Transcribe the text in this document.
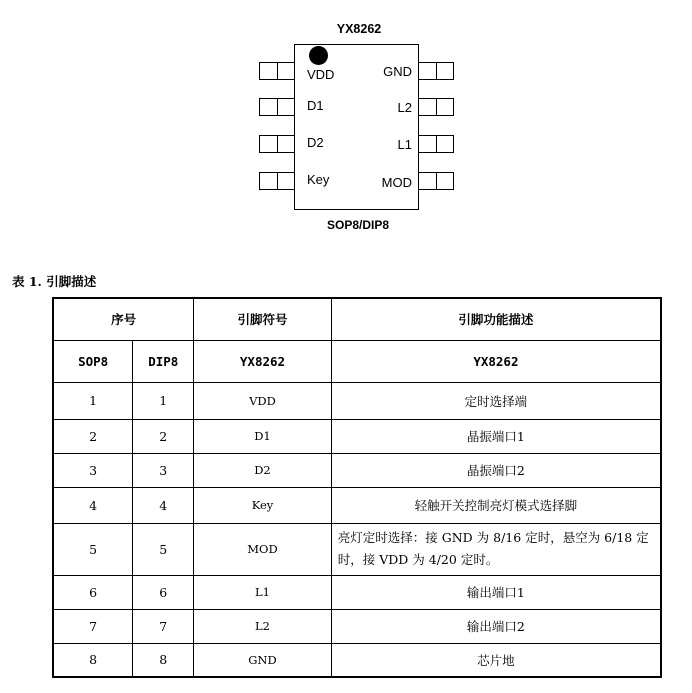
YX8262
VDD
D1
D2
Key
GND
L2
L1
MOD
SOP8/DIP8
表 1. 引脚描述
序号		引脚符号	引脚功能描述
SOP8	DIP8	YX8262	YX8262
1	1	VDD	定时选择端
2	2	D1	晶振端口1
3	3	D2	晶振端口2
4	4	Key	轻触开关控制亮灯模式选择脚
5	5	MOD	亮灯定时选择：接 GND 为 8/16 定时，悬空为 6/18 定时，接 VDD 为 4/20 定时。
6	6	L1	输出端口1
7	7	L2	输出端口2
8	8	GND	芯片地
